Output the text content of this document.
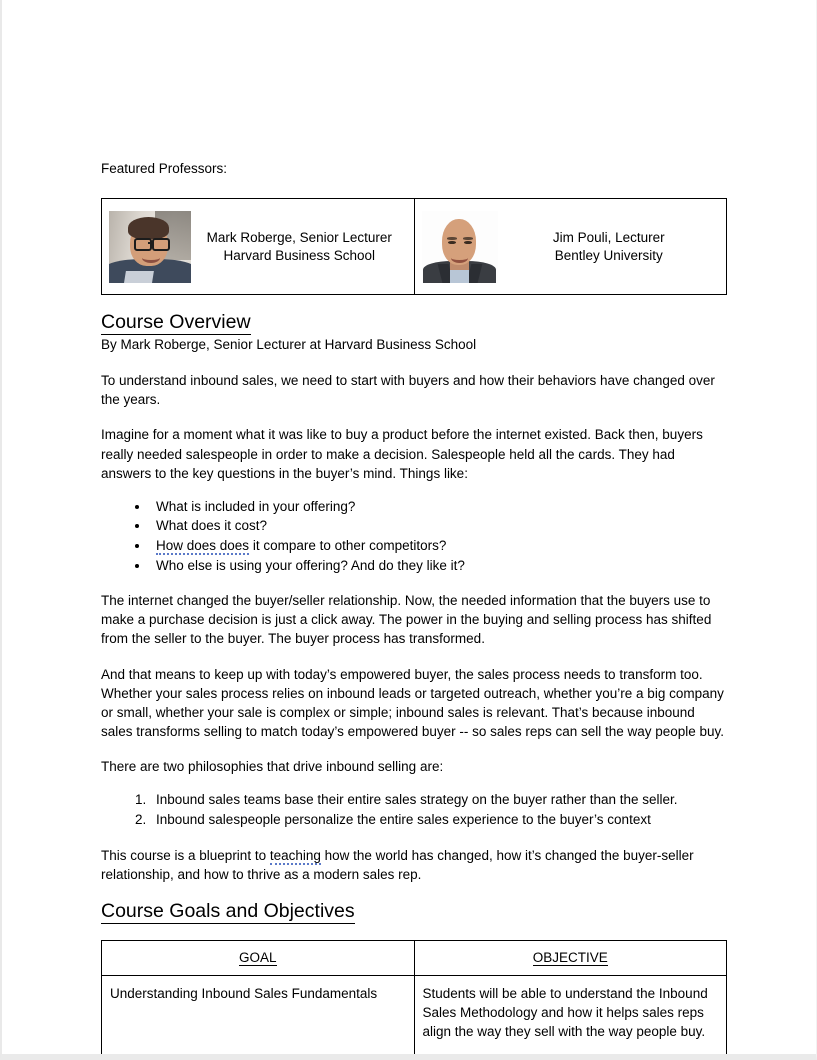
Featured Professors:
Mark Roberge, Senior Lecturer
Harvard Business School

Jim Pouli, Lecturer
Bentley University
Course Overview

By Mark Roberge, Senior Lecturer at Harvard Business School

To understand inbound sales, we need to start with buyers and how their behaviors have changed over the years.

Imagine for a moment what it was like to buy a product before the internet existed. Back then, buyers really needed salespeople in order to make a decision. Salespeople held all the cards. They had answers to the key questions in the buyer’s mind. Things like:

• What is included in your offering?
• What does it cost?
• How does does it compare to other competitors?
• Who else is using your offering? And do they like it?

The internet changed the buyer/seller relationship. Now, the needed information that the buyers use to make a purchase decision is just a click away. The power in the buying and selling process has shifted from the seller to the buyer. The buyer process has transformed.

And that means to keep up with today’s empowered buyer, the sales process needs to transform too. Whether your sales process relies on inbound leads or targeted outreach, whether you’re a big company or small, whether your sale is complex or simple; inbound sales is relevant. That’s because inbound sales transforms selling to match today’s empowered buyer -- so sales reps can sell the way people buy.

There are two philosophies that drive inbound selling are:

1. Inbound sales teams base their entire sales strategy on the buyer rather than the seller.
2. Inbound salespeople personalize the entire sales experience to the buyer’s context

This course is a blueprint to teaching how the world has changed, how it’s changed the buyer-seller relationship, and how to thrive as a modern sales rep.

Course Goals and Objectives
GOAL	OBJECTIVE
Understanding Inbound Sales Fundamentals	Students will be able to understand the Inbound Sales Methodology and how it helps sales reps align the way they sell with the way people buy.
